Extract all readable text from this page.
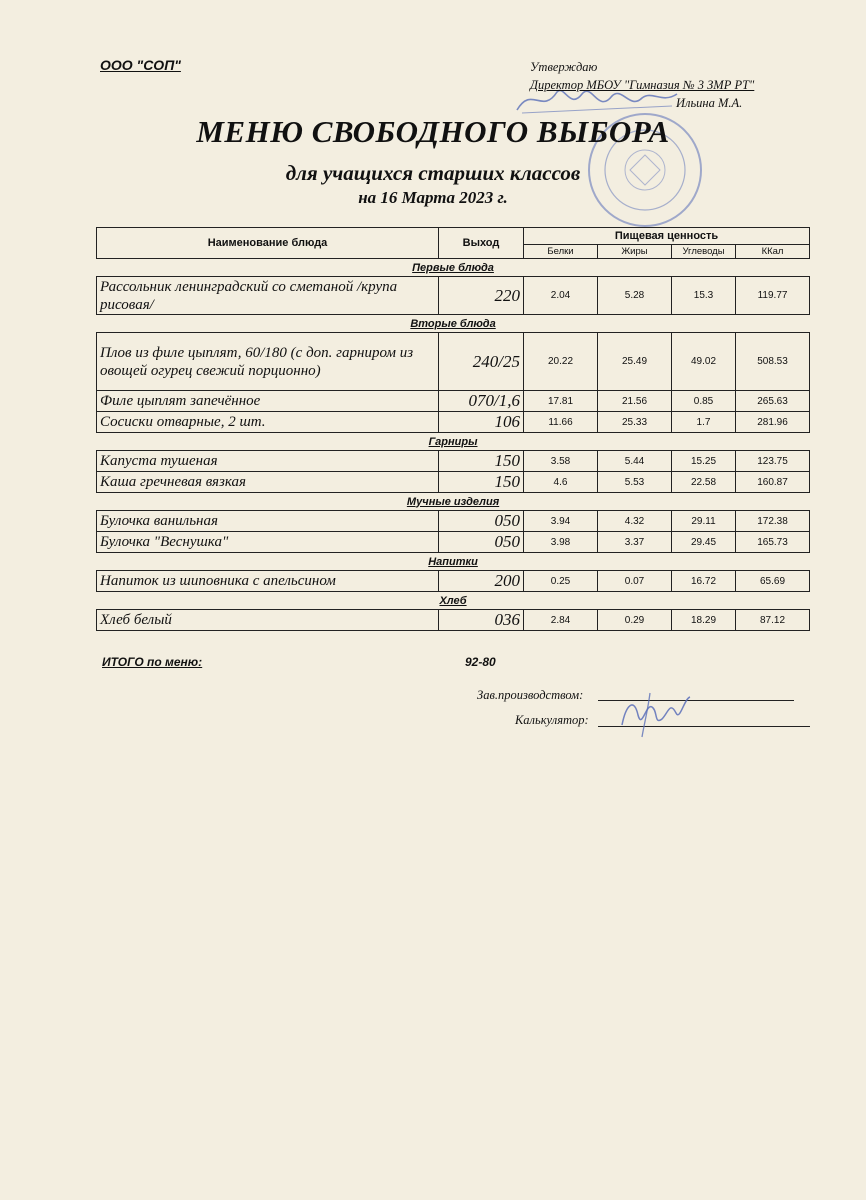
ООО "СОП"	Утверждаю
Директор МБОУ "Гимназия № 3 ЗМР РТ"
Ильина М.А.
МЕНЮ СВОБОДНОГО ВЫБОРА
для учащихся старших классов
на 16 Марта 2023 г.
Наименование блюда	Выход	Пищевая ценность			
		Белки	Жиры	Углеводы	ККал
Первые блюда					
Рассольник ленинградский со сметаной /крупа рисовая/	220	2.04	5.28	15.3	119.77
Вторые блюда					
Плов из филе цыплят, 60/180 (с доп. гарниром из овощей огурец свежий порционно)	240/25	20.22	25.49	49.02	508.53
Филе цыплят запечённое	070/1,6	17.81	21.56	0.85	265.63
Сосиски отварные, 2 шт.	106	11.66	25.33	1.7	281.96
Гарниры					
Капуста тушеная	150	3.58	5.44	15.25	123.75
Каша гречневая вязкая	150	4.6	5.53	22.58	160.87
Мучные изделия					
Булочка ванильная	050	3.94	4.32	29.11	172.38
Булочка "Веснушка"	050	3.98	3.37	29.45	165.73
Напитки					
Напиток из шиповника с апельсином	200	0.25	0.07	16.72	65.69
Хлеб					
Хлеб белый	036	2.84	0.29	18.29	87.12
ИТОГО по меню:	92-80
Зав.производством:
Калькулятор:
